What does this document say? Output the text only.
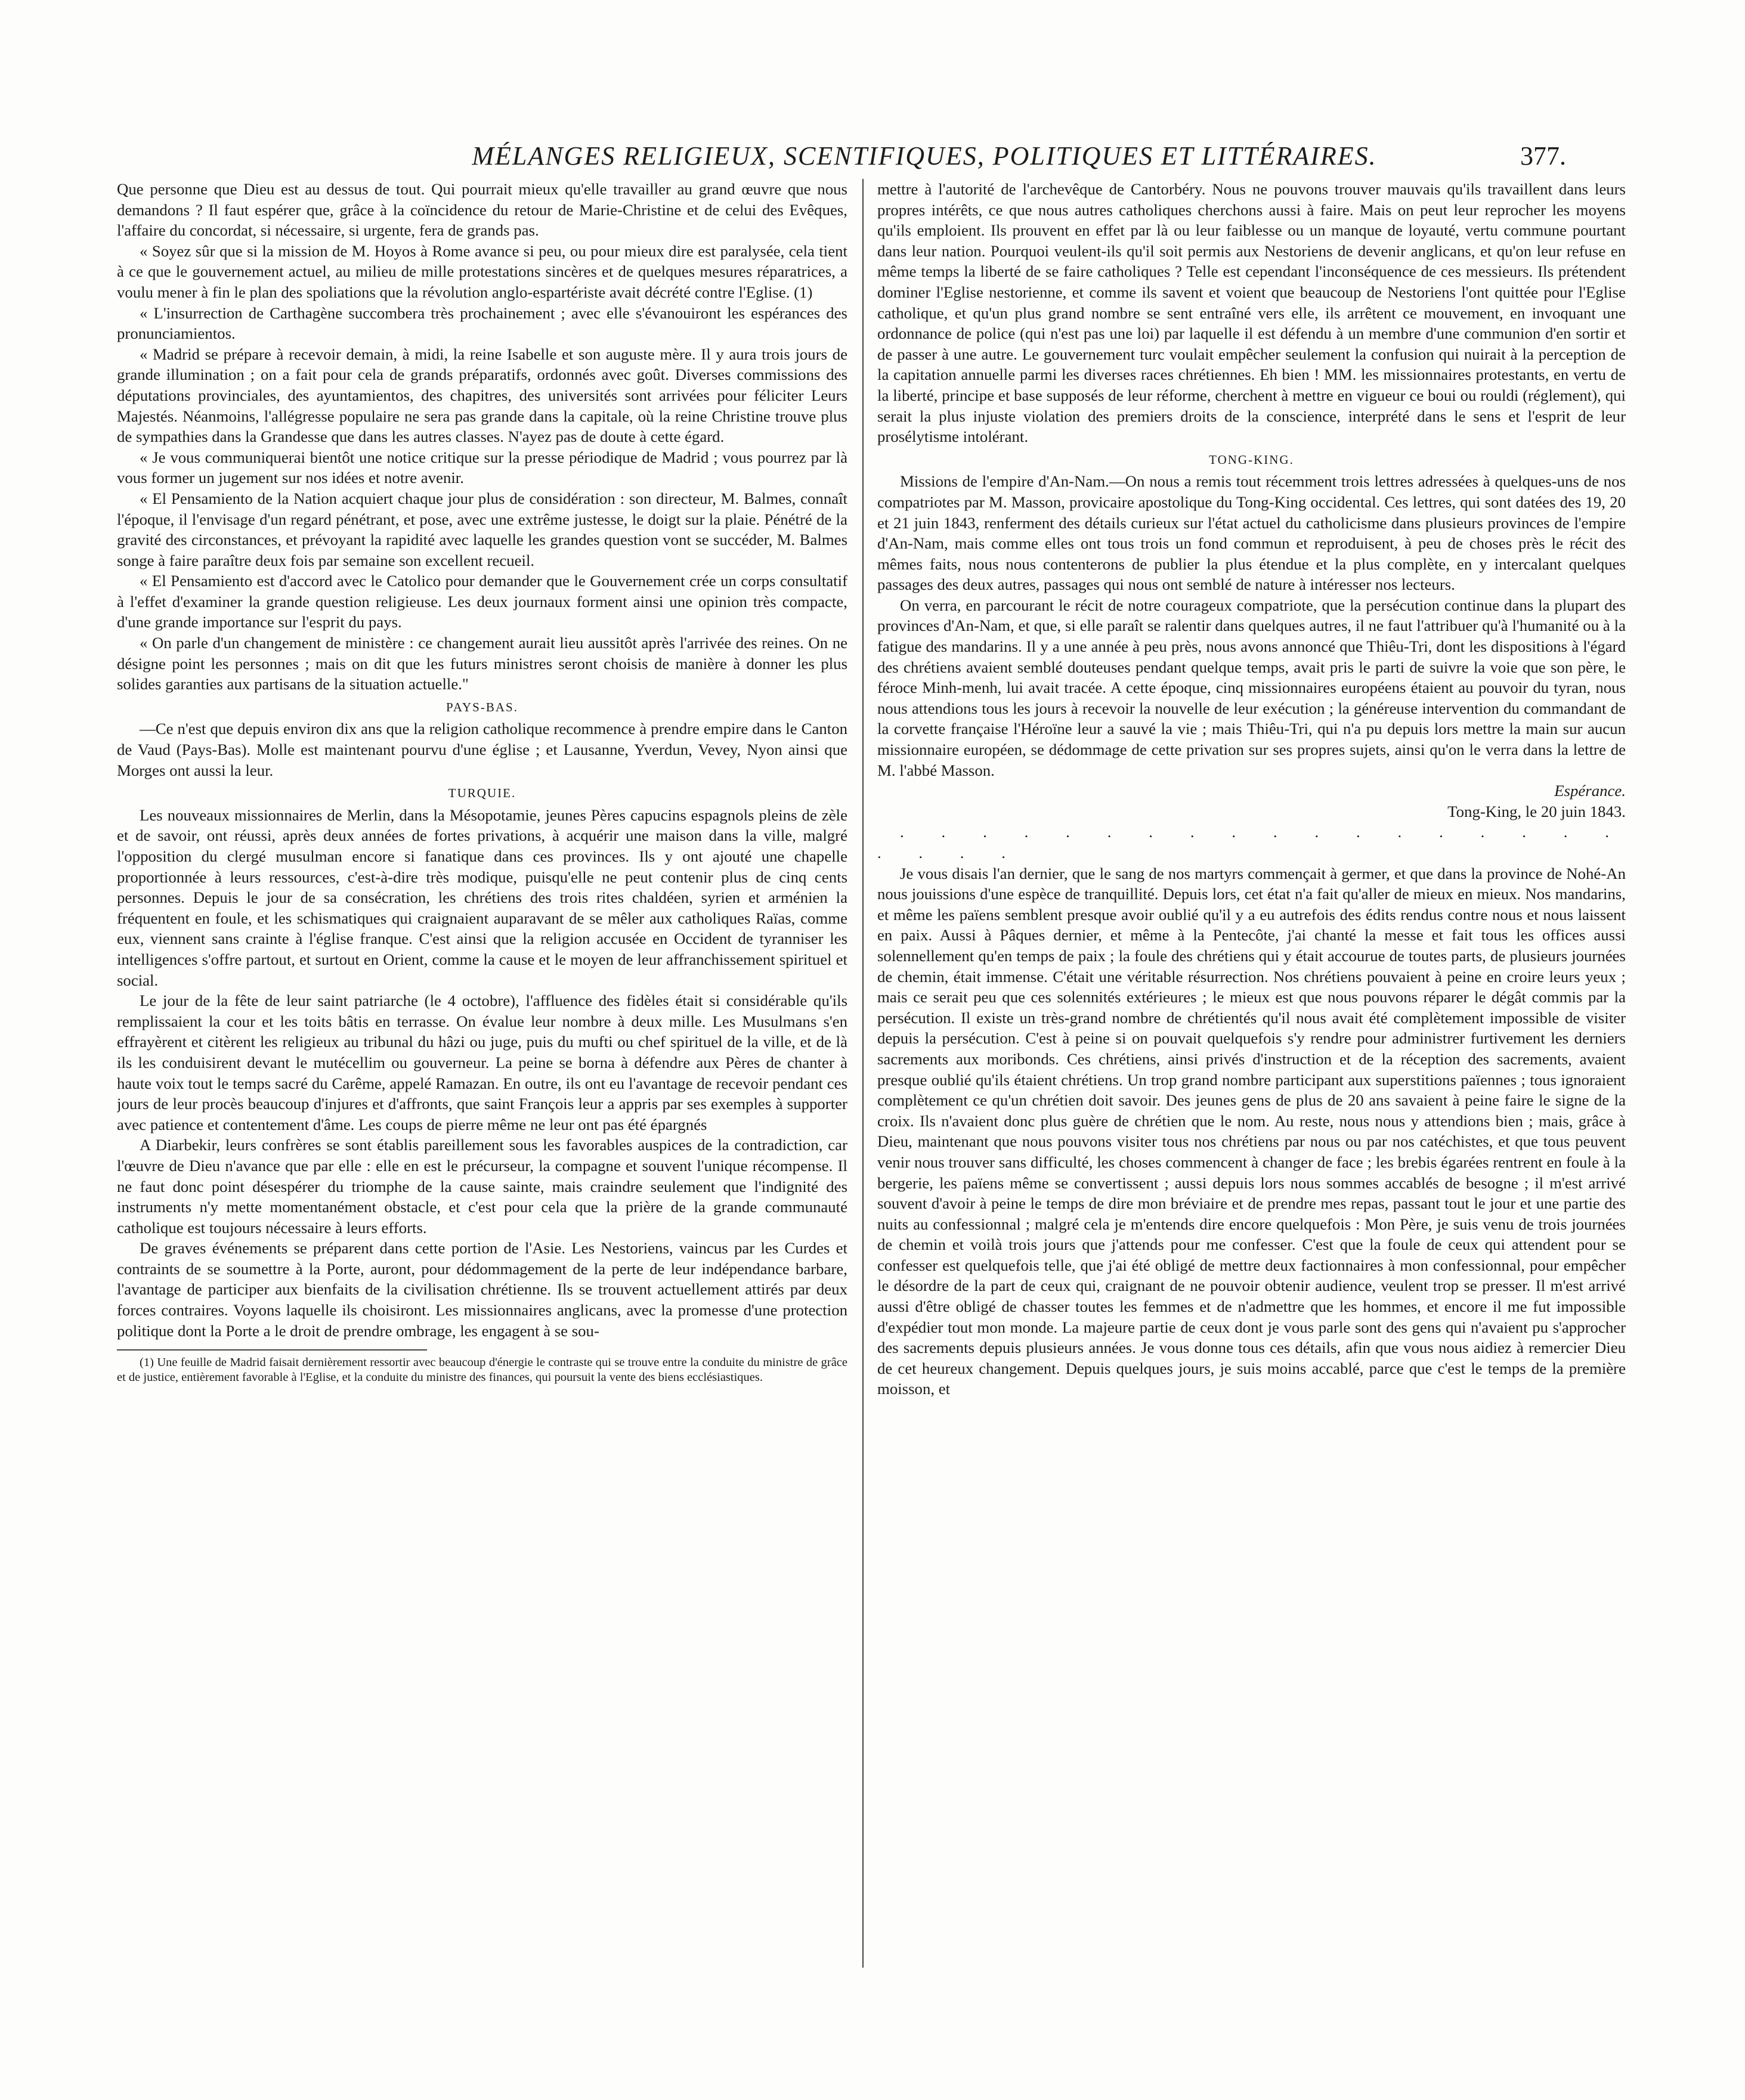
MÉLANGES RELIGIEUX, SCENTIFIQUES, POLITIQUES ET LITTÉRAIRES.	377.

Que personne que Dieu est au dessus de tout. Qui pourrait mieux qu'elle travailler au grand œuvre que nous demandons ? Il faut espérer que, grâce à la coïncidence du retour de Marie-Christine et de celui des Evêques, l'affaire du concordat, si nécessaire, si urgente, fera de grands pas.

« Soyez sûr que si la mission de M. Hoyos à Rome avance si peu, ou pour mieux dire est paralysée, cela tient à ce que le gouvernement actuel, au milieu de mille protestations sincères et de quelques mesures réparatrices, a voulu mener à fin le plan des spoliations que la révolution anglo-espartériste avait décrété contre l'Eglise. (1)

« L'insurrection de Carthagène succombera très prochainement ; avec elle s'évanouiront les espérances des pronunciamientos.

« Madrid se prépare à recevoir demain, à midi, la reine Isabelle et son auguste mère. Il y aura trois jours de grande illumination ; on a fait pour cela de grands préparatifs, ordonnés avec goût. Diverses commissions des députations provinciales, des ayuntamientos, des chapitres, des universités sont arrivées pour féliciter Leurs Majestés. Néanmoins, l'allégresse populaire ne sera pas grande dans la capitale, où la reine Christine trouve plus de sympathies dans la Grandesse que dans les autres classes. N'ayez pas de doute à cette égard.

« Je vous communiquerai bientôt une notice critique sur la presse périodique de Madrid ; vous pourrez par là vous former un jugement sur nos idées et notre avenir.

« El Pensamiento de la Nation acquiert chaque jour plus de considération : son directeur, M. Balmes, connaît l'époque, il l'envisage d'un regard pénétrant, et pose, avec une extrême justesse, le doigt sur la plaie. Pénétré de la gravité des circonstances, et prévoyant la rapidité avec laquelle les grandes question vont se succéder, M. Balmes songe à faire paraître deux fois par semaine son excellent recueil.

« El Pensamiento est d'accord avec le Catolico pour demander que le Gouvernement crée un corps consultatif à l'effet d'examiner la grande question religieuse. Les deux journaux forment ainsi une opinion très compacte, d'une grande importance sur l'esprit du pays.

« On parle d'un changement de ministère : ce changement aurait lieu aussitôt après l'arrivée des reines. On ne désigne point les personnes ; mais on dit que les futurs ministres seront choisis de manière à donner les plus solides garanties aux partisans de la situation actuelle."

PAYS-BAS.

—Ce n'est que depuis environ dix ans que la religion catholique recommence à prendre empire dans le Canton de Vaud (Pays-Bas). Molle est maintenant pourvu d'une église ; et Lausanne, Yverdun, Vevey, Nyon ainsi que Morges ont aussi la leur.

TURQUIE.

Les nouveaux missionnaires de Merlin, dans la Mésopotamie, jeunes Pères capucins espagnols pleins de zèle et de savoir, ont réussi, après deux années de fortes privations, à acquérir une maison dans la ville, malgré l'opposition du clergé musulman encore si fanatique dans ces provinces. Ils y ont ajouté une chapelle proportionnée à leurs ressources, c'est-à-dire très modique, puisqu'elle ne peut contenir plus de cinq cents personnes. Depuis le jour de sa consécration, les chrétiens des trois rites chaldéen, syrien et arménien la fréquentent en foule, et les schismatiques qui craignaient auparavant de se mêler aux catholiques Raïas, comme eux, viennent sans crainte à l'église franque. C'est ainsi que la religion accusée en Occident de tyranniser les intelligences s'offre partout, et surtout en Orient, comme la cause et le moyen de leur affranchissement spirituel et social.

Le jour de la fête de leur saint patriarche (le 4 octobre), l'affluence des fidèles était si considérable qu'ils remplissaient la cour et les toits bâtis en terrasse. On évalue leur nombre à deux mille. Les Musulmans s'en effrayèrent et citèrent les religieux au tribunal du hâzi ou juge, puis du mufti ou chef spirituel de la ville, et de là ils les conduisirent devant le mutécellim ou gouverneur. La peine se borna à défendre aux Pères de chanter à haute voix tout le temps sacré du Carême, appelé Ramazan. En outre, ils ont eu l'avantage de recevoir pendant ces jours de leur procès beaucoup d'injures et d'affronts, que saint François leur a appris par ses exemples à supporter avec patience et contentement d'âme. Les coups de pierre même ne leur ont pas été épargnés

A Diarbekir, leurs confrères se sont établis pareillement sous les favorables auspices de la contradiction, car l'œuvre de Dieu n'avance que par elle : elle en est le précurseur, la compagne et souvent l'unique récompense. Il ne faut donc point désespérer du triomphe de la cause sainte, mais craindre seulement que l'indignité des instruments n'y mette momentanément obstacle, et c'est pour cela que la prière de la grande communauté catholique est toujours nécessaire à leurs efforts.

De graves événements se préparent dans cette portion de l'Asie. Les Nestoriens, vaincus par les Curdes et contraints de se soumettre à la Porte, auront, pour dédommagement de la perte de leur indépendance barbare, l'avantage de participer aux bienfaits de la civilisation chrétienne. Ils se trouvent actuellement attirés par deux forces contraires. Voyons laquelle ils choisiront. Les missionnaires anglicans, avec la promesse d'une protection politique dont la Porte a le droit de prendre ombrage, les engagent à se sou-

(1) Une feuille de Madrid faisait dernièrement ressortir avec beaucoup d'énergie le contraste qui se trouve entre la conduite du ministre de grâce et de justice, entièrement favorable à l'Eglise, et la conduite du ministre des finances, qui poursuit la vente des biens ecclésiastiques.

mettre à l'autorité de l'archevêque de Cantorbéry. Nous ne pouvons trouver mauvais qu'ils travaillent dans leurs propres intérêts, ce que nous autres catholiques cherchons aussi à faire. Mais on peut leur reprocher les moyens qu'ils emploient. Ils prouvent en effet par là ou leur faiblesse ou un manque de loyauté, vertu commune pourtant dans leur nation. Pourquoi veulent-ils qu'il soit permis aux Nestoriens de devenir anglicans, et qu'on leur refuse en même temps la liberté de se faire catholiques ? Telle est cependant l'inconséquence de ces messieurs. Ils prétendent dominer l'Eglise nestorienne, et comme ils savent et voient que beaucoup de Nestoriens l'ont quittée pour l'Eglise catholique, et qu'un plus grand nombre se sent entraîné vers elle, ils arrêtent ce mouvement, en invoquant une ordonnance de police (qui n'est pas une loi) par laquelle il est défendu à un membre d'une communion d'en sortir et de passer à une autre. Le gouvernement turc voulait empêcher seulement la confusion qui nuirait à la perception de la capitation annuelle parmi les diverses races chrétiennes. Eh bien ! MM. les missionnaires protestants, en vertu de la liberté, principe et base supposés de leur réforme, cherchent à mettre en vigueur ce boui ou rouldi (réglement), qui serait la plus injuste violation des premiers droits de la conscience, interprété dans le sens et l'esprit de leur prosélytisme intolérant.

TONG-KING.

Missions de l'empire d'An-Nam.—On nous a remis tout récemment trois lettres adressées à quelques-uns de nos compatriotes par M. Masson, provicaire apostolique du Tong-King occidental. Ces lettres, qui sont datées des 19, 20 et 21 juin 1843, renferment des détails curieux sur l'état actuel du catholicisme dans plusieurs provinces de l'empire d'An-Nam, mais comme elles ont tous trois un fond commun et reproduisent, à peu de choses près le récit des mêmes faits, nous nous contenterons de publier la plus étendue et la plus complète, en y intercalant quelques passages des deux autres, passages qui nous ont semblé de nature à intéresser nos lecteurs.

On verra, en parcourant le récit de notre courageux compatriote, que la persécution continue dans la plupart des provinces d'An-Nam, et que, si elle paraît se ralentir dans quelques autres, il ne faut l'attribuer qu'à l'humanité ou à la fatigue des mandarins. Il y a une année à peu près, nous avons annoncé que Thiêu-Tri, dont les dispositions à l'égard des chrétiens avaient semblé douteuses pendant quelque temps, avait pris le parti de suivre la voie que son père, le féroce Minh-menh, lui avait tracée. A cette époque, cinq missionnaires européens étaient au pouvoir du tyran, nous nous attendions tous les jours à recevoir la nouvelle de leur exécution ; la généreuse intervention du commandant de la corvette française l'Héroïne leur a sauvé la vie ; mais Thiêu-Tri, qui n'a pu depuis lors mettre la main sur aucun missionnaire européen, se dédommage de cette privation sur ses propres sujets, ainsi qu'on le verra dans la lettre de M. l'abbé Masson.

Espérance.

Tong-King, le 20 juin 1843.

. . . . . . . . . . . . . . . . . . . . . .

Je vous disais l'an dernier, que le sang de nos martyrs commençait à germer, et que dans la province de Nohé-An nous jouissions d'une espèce de tranquillité. Depuis lors, cet état n'a fait qu'aller de mieux en mieux. Nos mandarins, et même les païens semblent presque avoir oublié qu'il y a eu autrefois des édits rendus contre nous et nous laissent en paix. Aussi à Pâques dernier, et même à la Pentecôte, j'ai chanté la messe et fait tous les offices aussi solennellement qu'en temps de paix ; la foule des chrétiens qui y était accourue de toutes parts, de plusieurs journées de chemin, était immense. C'était une véritable résurrection. Nos chrétiens pouvaient à peine en croire leurs yeux ; mais ce serait peu que ces solennités extérieures ; le mieux est que nous pouvons réparer le dégât commis par la persécution. Il existe un très-grand nombre de chrétientés qu'il nous avait été complètement impossible de visiter depuis la persécution. C'est à peine si on pouvait quelquefois s'y rendre pour administrer furtivement les derniers sacrements aux moribonds. Ces chrétiens, ainsi privés d'instruction et de la réception des sacrements, avaient presque oublié qu'ils étaient chrétiens. Un trop grand nombre participant aux superstitions païennes ; tous ignoraient complètement ce qu'un chrétien doit savoir. Des jeunes gens de plus de 20 ans savaient à peine faire le signe de la croix. Ils n'avaient donc plus guère de chrétien que le nom. Au reste, nous nous y attendions bien ; mais, grâce à Dieu, maintenant que nous pouvons visiter tous nos chrétiens par nous ou par nos catéchistes, et que tous peuvent venir nous trouver sans difficulté, les choses commencent à changer de face ; les brebis égarées rentrent en foule à la bergerie, les païens même se convertissent ; aussi depuis lors nous sommes accablés de besogne ; il m'est arrivé souvent d'avoir à peine le temps de dire mon bréviaire et de prendre mes repas, passant tout le jour et une partie des nuits au confessionnal ; malgré cela je m'entends dire encore quelquefois : Mon Père, je suis venu de trois journées de chemin et voilà trois jours que j'attends pour me confesser. C'est que la foule de ceux qui attendent pour se confesser est quelquefois telle, que j'ai été obligé de mettre deux factionnaires à mon confessionnal, pour empêcher le désordre de la part de ceux qui, craignant de ne pouvoir obtenir audience, veulent trop se presser. Il m'est arrivé aussi d'être obligé de chasser toutes les femmes et de n'admettre que les hommes, et encore il me fut impossible d'expédier tout mon monde. La majeure partie de ceux dont je vous parle sont des gens qui n'avaient pu s'approcher des sacrements depuis plusieurs années. Je vous donne tous ces détails, afin que vous nous aidiez à remercier Dieu de cet heureux changement. Depuis quelques jours, je suis moins accablé, parce que c'est le temps de la première moisson, et
